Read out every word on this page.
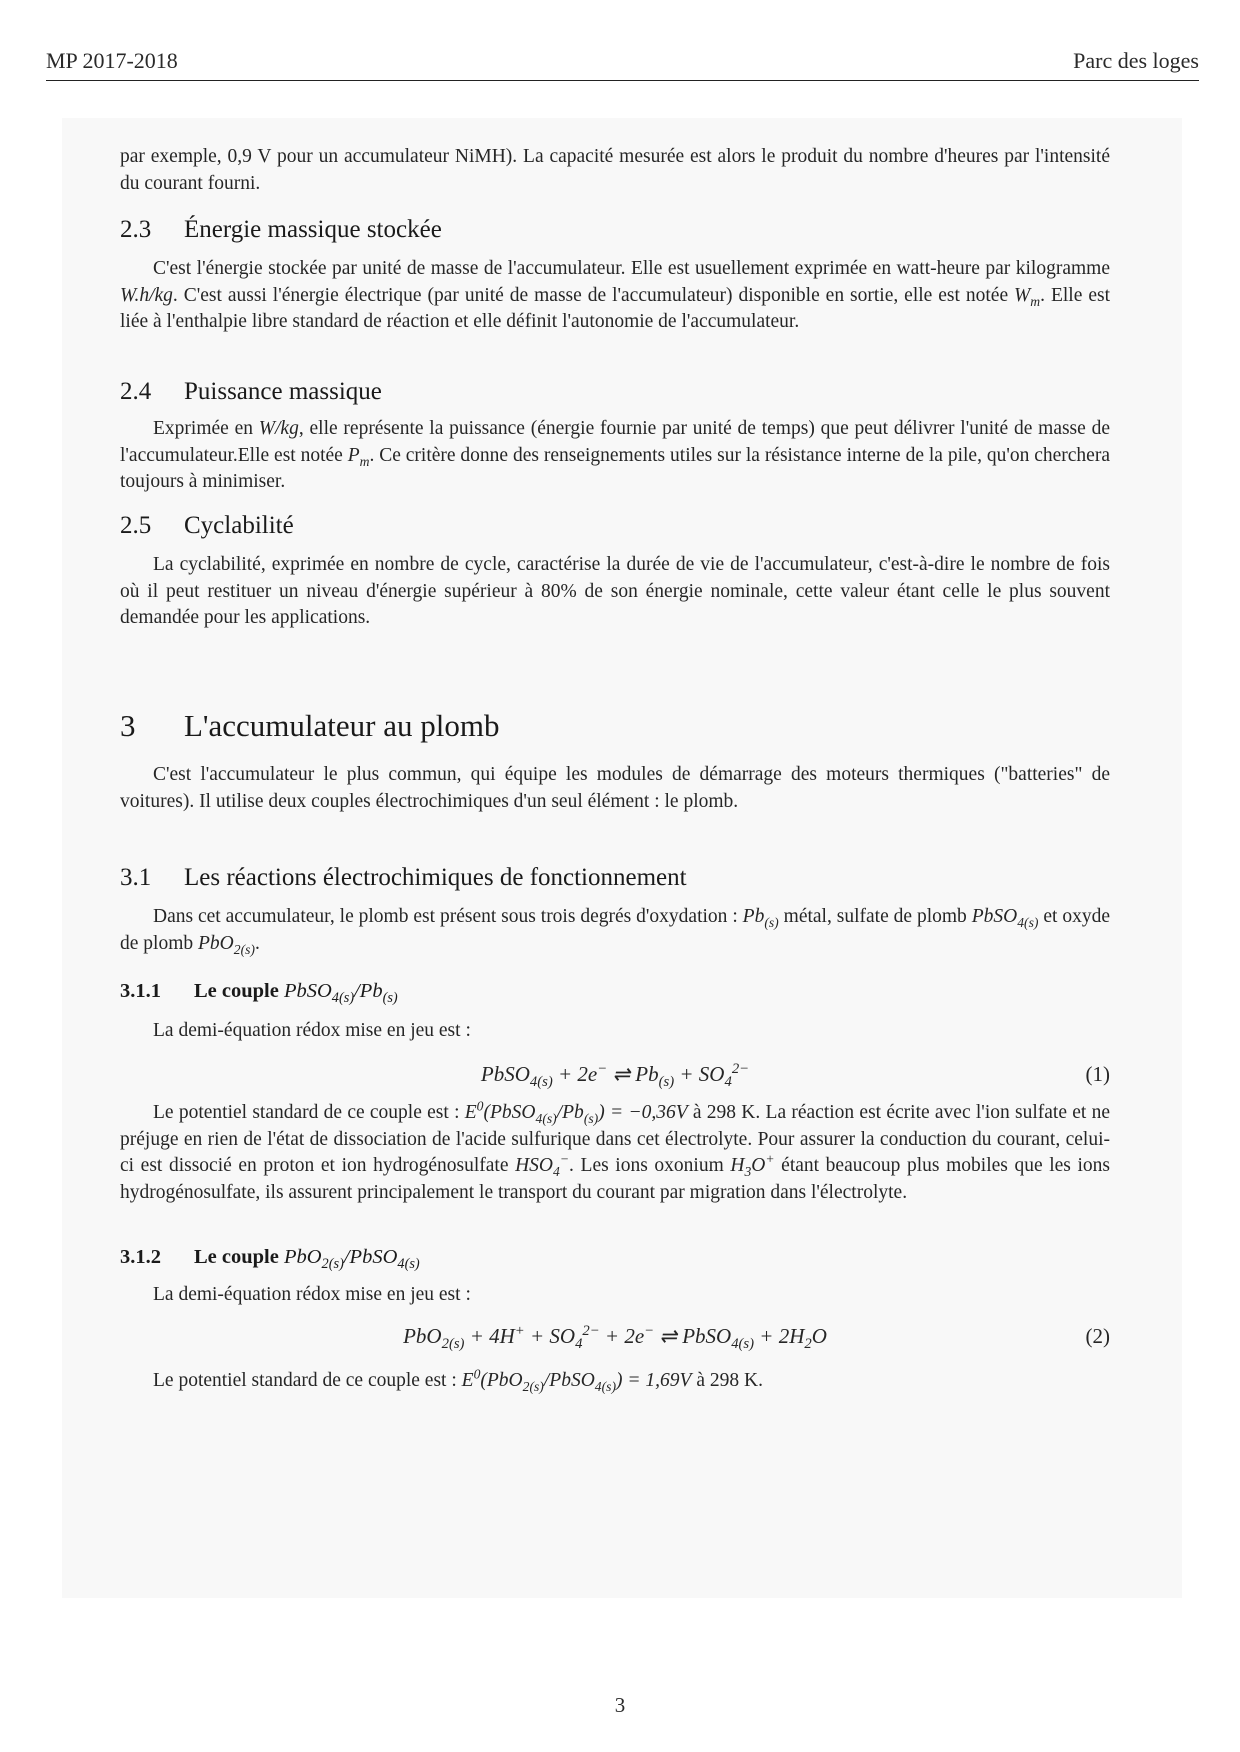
MP 2017-2018	Parc des loges

par exemple, 0,9 V pour un accumulateur NiMH). La capacité mesurée est alors le produit du nombre d'heures par l'intensité du courant fourni.

2.3 Énergie massique stockée

C'est l'énergie stockée par unité de masse de l'accumulateur. Elle est usuellement exprimée en watt-heure par kilogramme W.h/kg. C'est aussi l'énergie électrique (par unité de masse de l'accumulateur) disponible en sortie, elle est notée $W_m$. Elle est liée à l'enthalpie libre standard de réaction et elle définit l'autonomie de l'accumulateur.

2.4 Puissance massique

Exprimée en W/kg, elle représente la puissance (énergie fournie par unité de temps) que peut délivrer l'unité de masse de l'accumulateur.Elle est notée $P_m$. Ce critère donne des renseignements utiles sur la résistance interne de la pile, qu'on cherchera toujours à minimiser.

2.5 Cyclabilité

La cyclabilité, exprimée en nombre de cycle, caractérise la durée de vie de l'accumulateur, c'est-à-dire le nombre de fois où il peut restituer un niveau d'énergie supérieur à 80% de son énergie nominale, cette valeur étant celle le plus souvent demandée pour les applications.

3 L'accumulateur au plomb

C'est l'accumulateur le plus commun, qui équipe les modules de démarrage des moteurs thermiques ("batteries" de voitures). Il utilise deux couples électrochimiques d'un seul élément : le plomb.

3.1 Les réactions électrochimiques de fonctionnement

Dans cet accumulateur, le plomb est présent sous trois degrés d'oxydation : $Pb_{(s)}$ métal, sulfate de plomb PbSO$_{4(s)}$ et oxyde de plomb PbO$_{2(s)}$.

3.1.1 Le couple $PbSO_{4(s)}/Pb_{(s)}$

La demi-équation rédox mise en jeu est :

PbSO$_{4(s)}$ + 2e− ⇌ $Pb_{(s)} + SO_4^{2-}$	(1)

Le potentiel standard de ce couple est : $E^0(PbSO_{4(s)}/Pb_{(s)}) = -0,36V$ à 298 K. La réaction est écrite avec l'ion sulfate et ne préjuge en rien de l'état de dissociation de l'acide sulfurique dans cet électrolyte. Pour assurer la conduction du courant, celui-ci est dissocié en proton et ion hydrogénosulfate $HSO_4^-$. Les ions oxonium $H_3O^+$ étant beaucoup plus mobiles que les ions hydrogénosulfate, ils assurent principalement le transport du courant par migration dans l'électrolyte.

3.1.2 Le couple PbO$_{2(s)}$/PbSO$_{4(s)}$

La demi-équation rédox mise en jeu est :

$PbO_{2(s)} + 4H^+ + SO_4^{2-} + 2e^-$ ⇌ PbSO$_{4(s)}$ + $2H_2O$	(2)

Le potentiel standard de ce couple est : $E^0(PbO_{2(s)}/PbSO_{4(s)}) = 1,69V$ à 298 K.

3
